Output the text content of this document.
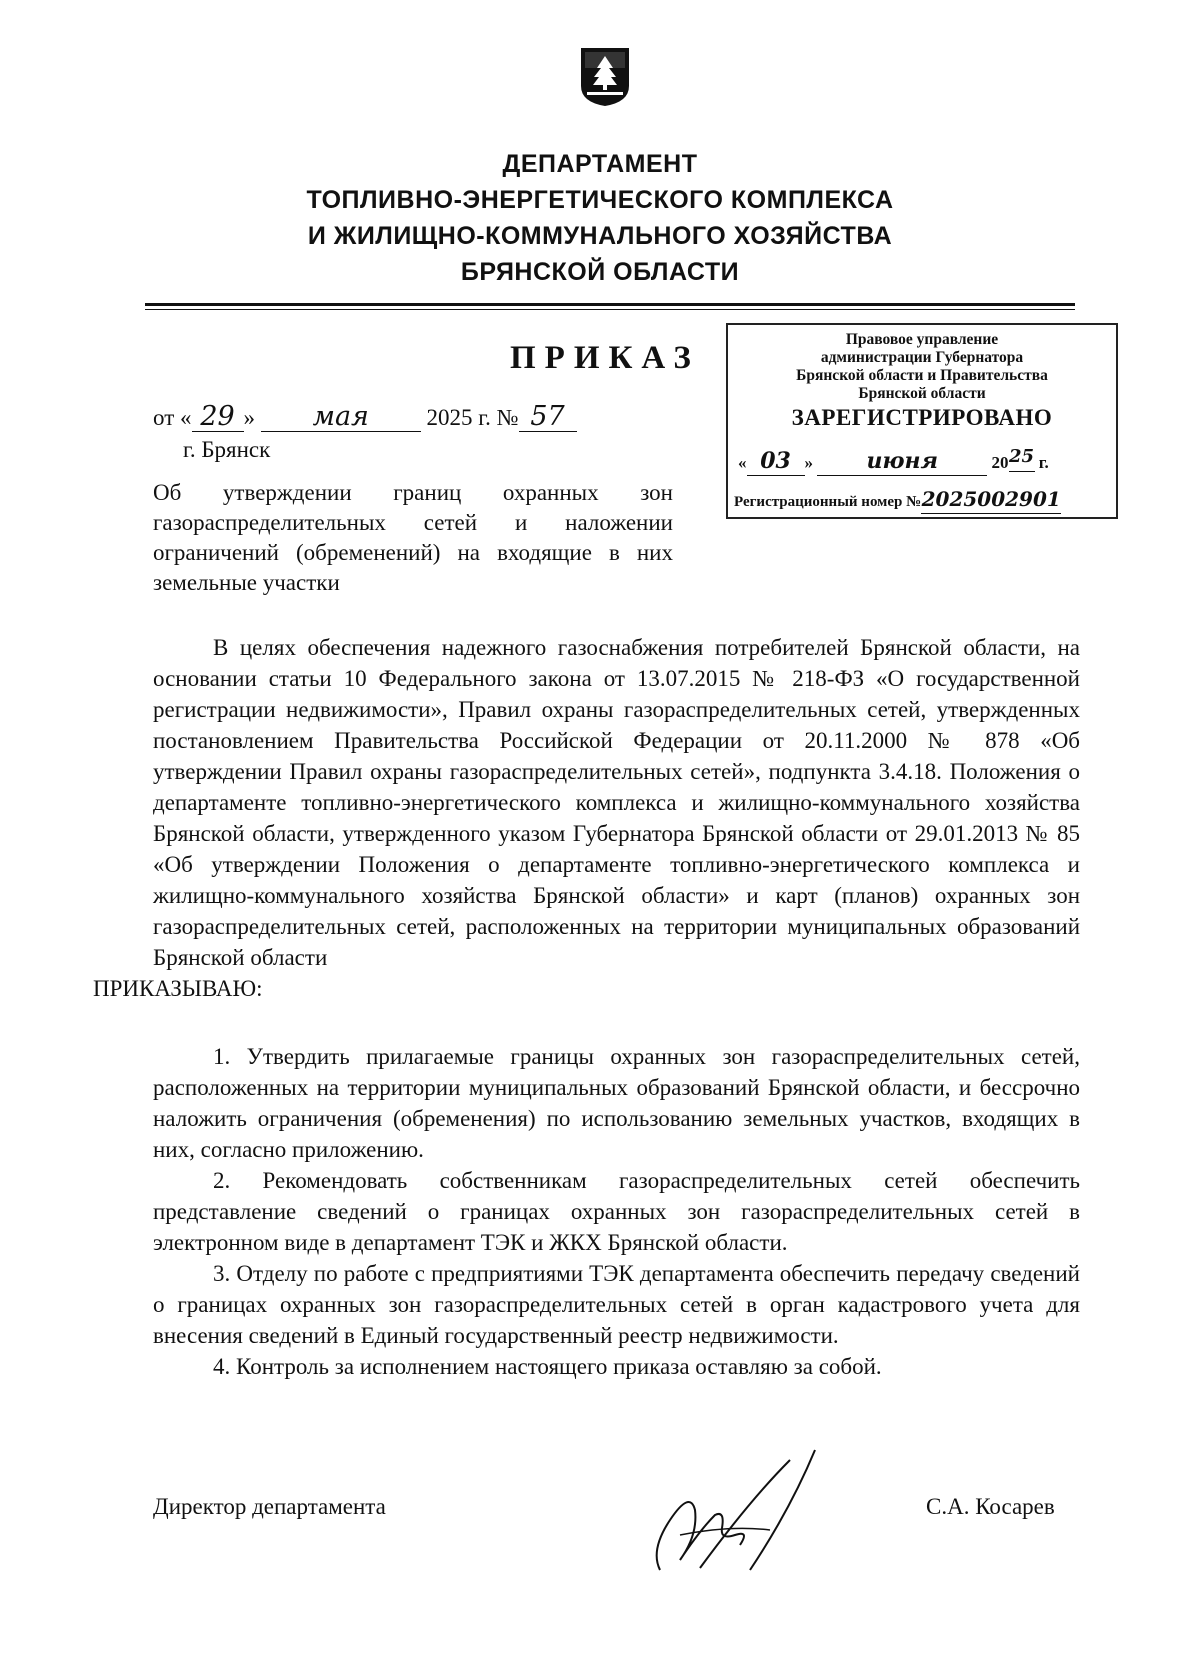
ДЕПАРТАМЕНТ
ТОПЛИВНО-ЭНЕРГЕТИЧЕСКОГО КОМПЛЕКСА
И ЖИЛИЩНО-КОММУНАЛЬНОГО ХОЗЯЙСТВА
БРЯНСКОЙ ОБЛАСТИ
ПРИКАЗ
от « 29 » мая	2025 г. № 57
г. Брянск
Об утверждении границ охранных зон газораспределительных сетей и наложении ограничений (обременений) на входящие в них земельные участки
Правовое управление
администрации Губернатора
Брянской области и Правительства
Брянской области
ЗАРЕГИСТРИРОВАНО
« 03 » июня	2025 г.
Регистрационный номер №2025002901
В целях обеспечения надежного газоснабжения потребителей Брянской области, на основании статьи 10 Федерального закона от 13.07.2015 № 218-ФЗ «О государственной регистрации недвижимости», Правил охраны газораспределительных сетей, утвержденных постановлением Правительства Российской Федерации от 20.11.2000 № 878 «Об утверждении Правил охраны газораспределительных сетей», подпункта 3.4.18. Положения о департаменте топливно-энергетического комплекса и жилищно-коммунального хозяйства Брянской области, утвержденного указом Губернатора Брянской области от 29.01.2013 № 85 «Об утверждении Положения о департаменте топливно-энергетического комплекса и жилищно-коммунального хозяйства Брянской области» и карт (планов) охранных зон газораспределительных сетей, расположенных на территории муниципальных образований Брянской области
ПРИКАЗЫВАЮ:

1. Утвердить прилагаемые границы охранных зон газораспределительных сетей, расположенных на территории муниципальных образований Брянской области, и бессрочно наложить ограничения (обременения) по использованию земельных участков, входящих в них, согласно приложению.

2. Рекомендовать собственникам газораспределительных сетей обеспечить представление сведений о границах охранных зон газораспределительных сетей в электронном виде в департамент ТЭК и ЖКХ Брянской области.

3. Отделу по работе с предприятиями ТЭК департамента обеспечить передачу сведений о границах охранных зон газораспределительных сетей в орган кадастрового учета для внесения сведений в Единый государственный реестр недвижимости.

4. Контроль за исполнением настоящего приказа оставляю за собой.

Директор департамента	С.А. Косарев
